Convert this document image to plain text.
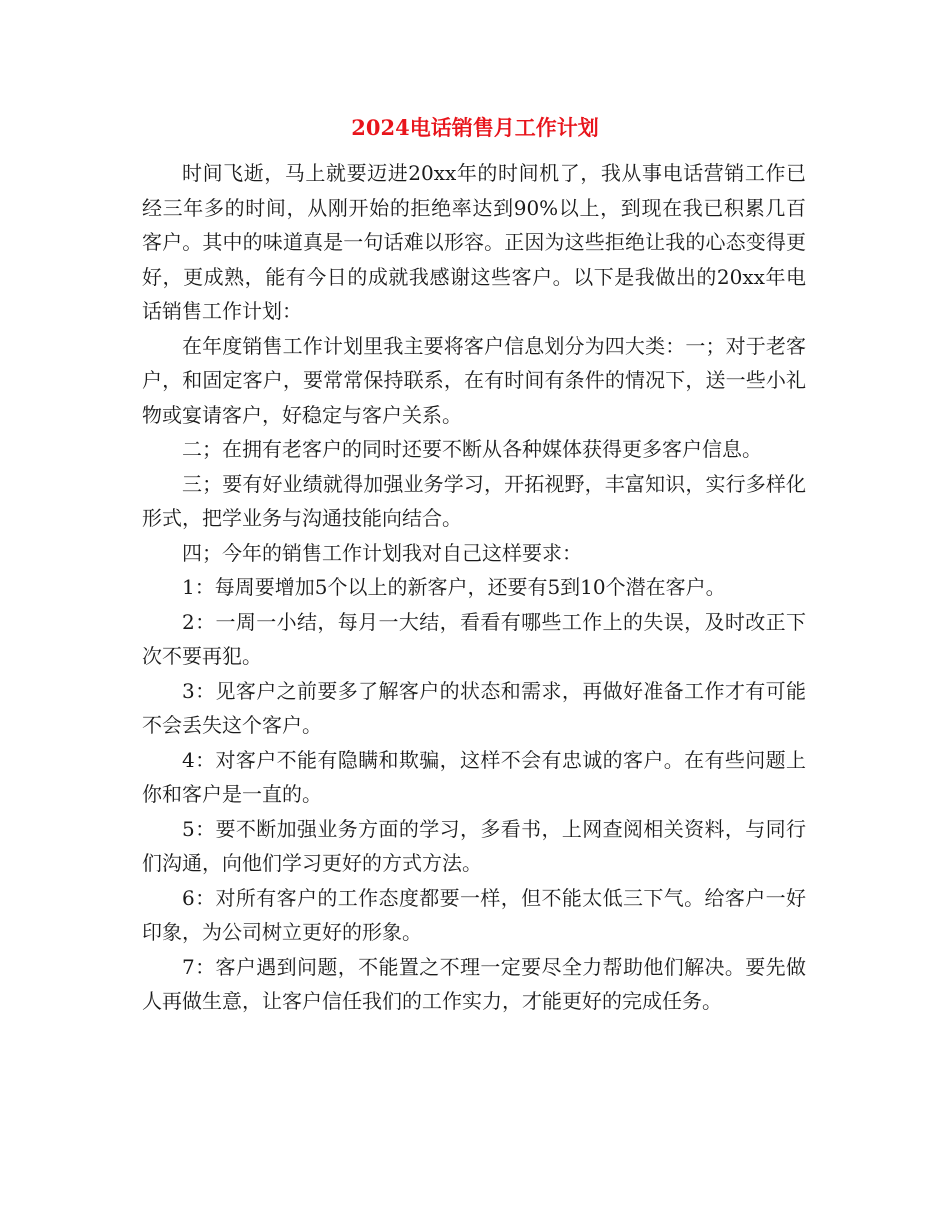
2024电话销售月工作计划

时间飞逝，马上就要迈进20xx年的时间机了，我从事电话营销工作已经三年多的时间，从刚开始的拒绝率达到90%以上，到现在我已积累几百客户。其中的味道真是一句话难以形容。正因为这些拒绝让我的心态变得更好，更成熟，能有今日的成就我感谢这些客户。以下是我做出的20xx年电话销售工作计划：

在年度销售工作计划里我主要将客户信息划分为四大类：一；对于老客户，和固定客户，要常常保持联系，在有时间有条件的情况下，送一些小礼物或宴请客户，好稳定与客户关系。

二；在拥有老客户的同时还要不断从各种媒体获得更多客户信息。

三；要有好业绩就得加强业务学习，开拓视野，丰富知识，实行多样化形式，把学业务与沟通技能向结合。

四；今年的销售工作计划我对自己这样要求：

1：每周要增加5个以上的新客户，还要有5到10个潜在客户。

2：一周一小结，每月一大结，看看有哪些工作上的失误，及时改正下次不要再犯。

3：见客户之前要多了解客户的状态和需求，再做好准备工作才有可能不会丢失这个客户。

4：对客户不能有隐瞒和欺骗，这样不会有忠诚的客户。在有些问题上你和客户是一直的。

5：要不断加强业务方面的学习，多看书，上网查阅相关资料，与同行们沟通，向他们学习更好的方式方法。

6：对所有客户的工作态度都要一样，但不能太低三下气。给客户一好印象，为公司树立更好的形象。

7：客户遇到问题，不能置之不理一定要尽全力帮助他们解决。要先做人再做生意，让客户信任我们的工作实力，才能更好的完成任务。
